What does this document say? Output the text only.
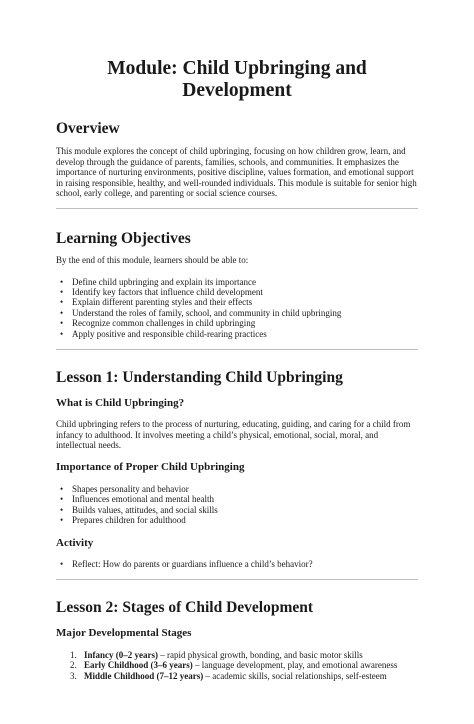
Module: Child Upbringing and Development
Overview

This module explores the concept of child upbringing, focusing on how children grow, learn, and develop through the guidance of parents, families, schools, and communities. It emphasizes the importance of nurturing environments, positive discipline, values formation, and emotional support in raising responsible, healthy, and well-rounded individuals. This module is suitable for senior high school, early college, and parenting or social science courses.

Learning Objectives

By the end of this module, learners should be able to:

• Define child upbringing and explain its importance
• Identify key factors that influence child development
• Explain different parenting styles and their effects
• Understand the roles of family, school, and community in child upbringing
• Recognize common challenges in child upbringing
• Apply positive and responsible child-rearing practices
Lesson 1: Understanding Child Upbringing
What is Child Upbringing?

Child upbringing refers to the process of nurturing, educating, guiding, and caring for a child from infancy to adulthood. It involves meeting a child’s physical, emotional, social, moral, and intellectual needs.

Importance of Proper Child Upbringing
• Shapes personality and behavior
• Influences emotional and mental health
• Builds values, attitudes, and social skills
• Prepares children for adulthood
Activity
• Reflect: How do parents or guardians influence a child’s behavior?
Lesson 2: Stages of Child Development
Major Developmental Stages
1. Infancy (0–2 years) – rapid physical growth, bonding, and basic motor skills
2. Early Childhood (3–6 years) – language development, play, and emotional awareness
3. Middle Childhood (7–12 years) – academic skills, social relationships, self-esteem
